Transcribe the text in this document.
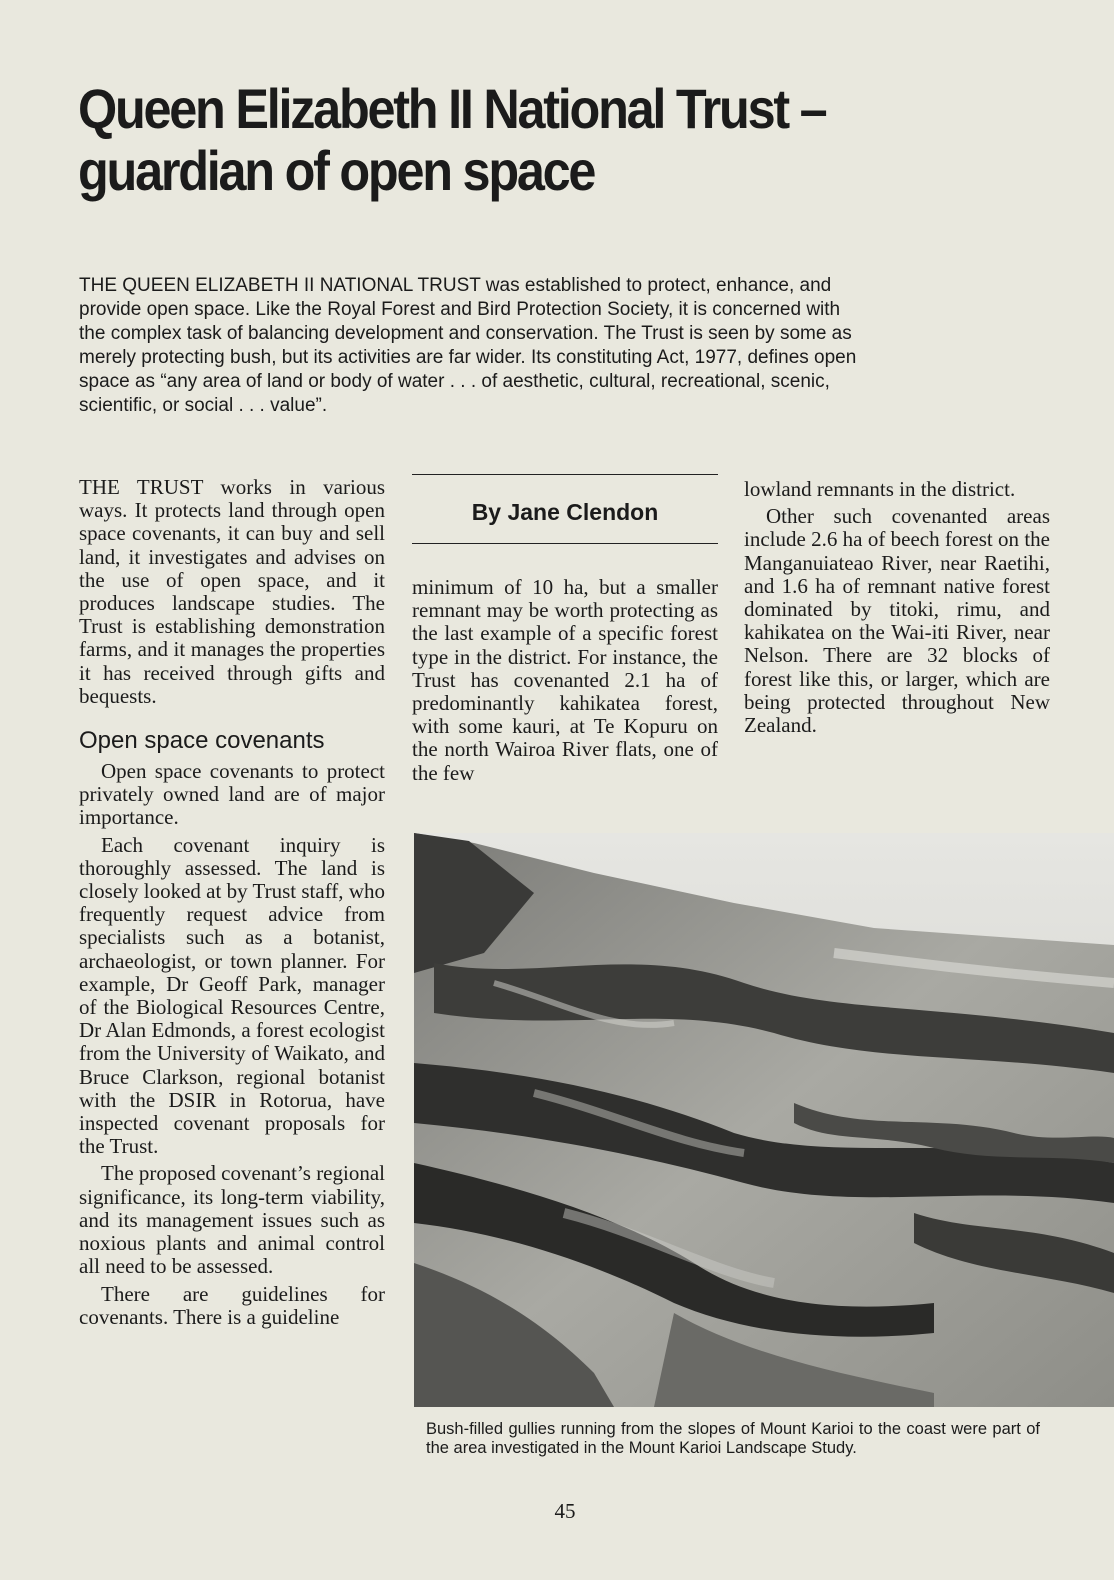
Queen Elizabeth II National Trust –
guardian of open space

THE QUEEN ELIZABETH II NATIONAL TRUST was established to protect, enhance, and provide open space. Like the Royal Forest and Bird Protection Society, it is concerned with the complex task of balancing development and conservation. The Trust is seen by some as merely protecting bush, but its activities are far wider. Its constituting Act, 1977, defines open space as “any area of land or body of water . . . of aesthetic, cultural, recreational, scenic, scientific, or social . . . value”.

THE TRUST works in various ways. It protects land through open space covenants, it can buy and sell land, it investigates and advises on the use of open space, and it produces landscape studies. The Trust is establishing demonstration farms, and it manages the properties it has received through gifts and bequests.

Open space covenants

Open space covenants to protect privately owned land are of major importance.

Each covenant inquiry is thoroughly assessed. The land is closely looked at by Trust staff, who frequently request advice from specialists such as a botanist, archaeologist, or town planner. For example, Dr Geoff Park, manager of the Biological Resources Centre, Dr Alan Edmonds, a forest ecologist from the University of Waikato, and Bruce Clarkson, regional botanist with the DSIR in Rotorua, have inspected covenant proposals for the Trust.

The proposed covenant’s regional significance, its long-term viability, and its management issues such as noxious plants and animal control all need to be assessed.

There are guidelines for covenants. There is a guideline

By Jane Clendon

minimum of 10 ha, but a smaller remnant may be worth protecting as the last example of a specific forest type in the district. For instance, the Trust has covenanted 2.1 ha of predominantly kahikatea forest, with some kauri, at Te Kopuru on the north Wairoa River flats, one of the few

lowland remnants in the district.

Other such covenanted areas include 2.6 ha of beech forest on the Manganuiateao River, near Raetihi, and 1.6 ha of remnant native forest dominated by titoki, rimu, and kahikatea on the Wai-iti River, near Nelson. There are 32 blocks of forest like this, or larger, which are being protected throughout New Zealand.

Bush-filled gullies running from the slopes of Mount Karioi to the coast were part of the area investigated in the Mount Karioi Landscape Study.

45
